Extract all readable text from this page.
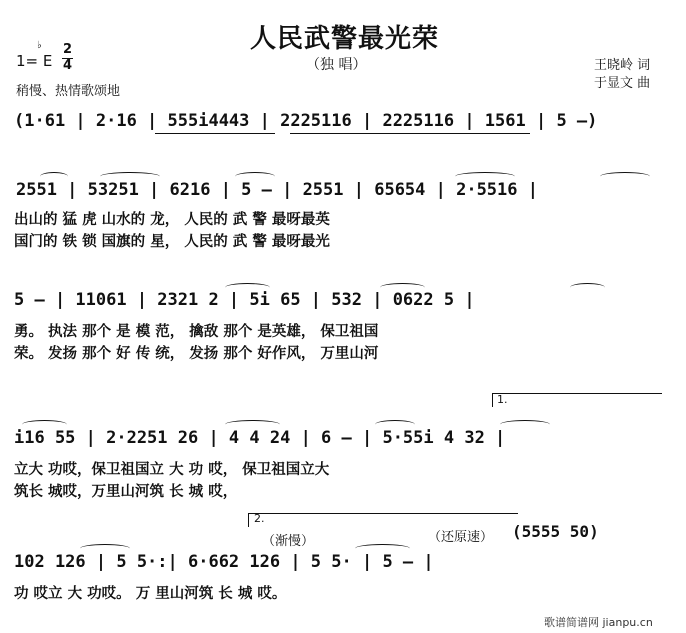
人民武警最光荣
（独 唱）
1= E
♭ 2
4
稍慢、热情歌颂地
王晓岭 词
于显文 曲
(1·61 | 2·16 | 555i4443 | 2225116 | 2225116 | 1561 | 5 –)
2551 | 53251 | 6216 | 5 – | 2551 | 65654 | 2·5516 |
出山的 猛 虎 山水的 龙， 人民的 武 警 最呀最英
国门的 铁 锁 国旗的 星， 人民的 武 警 最呀最光
5 – | 11061 | 2321 2 | 5i 65 | 532 | 0622 5 |
勇。 执法 那个 是 模 范， 擒敌 那个 是英雄， 保卫祖国
荣。 发扬 那个 好 传 统， 发扬 那个 好作风， 万里山河
1.
i16 55 | 2·2251 26 | 4 4 24 | 6 – | 5·55i 4 32 |
立大 功哎，保卫祖国立 大 功 哎， 保卫祖国立大
筑长 城哎，万里山河筑 长 城 哎，
2.
（渐慢）	（还原速） (5555 50)
102 126 | 5 5·:| 6·662 126 | 5 5· | 5 – |
功 哎立 大 功哎。 万 里山河筑 长 城 哎。
歌谱简谱网 jianpu.cn
